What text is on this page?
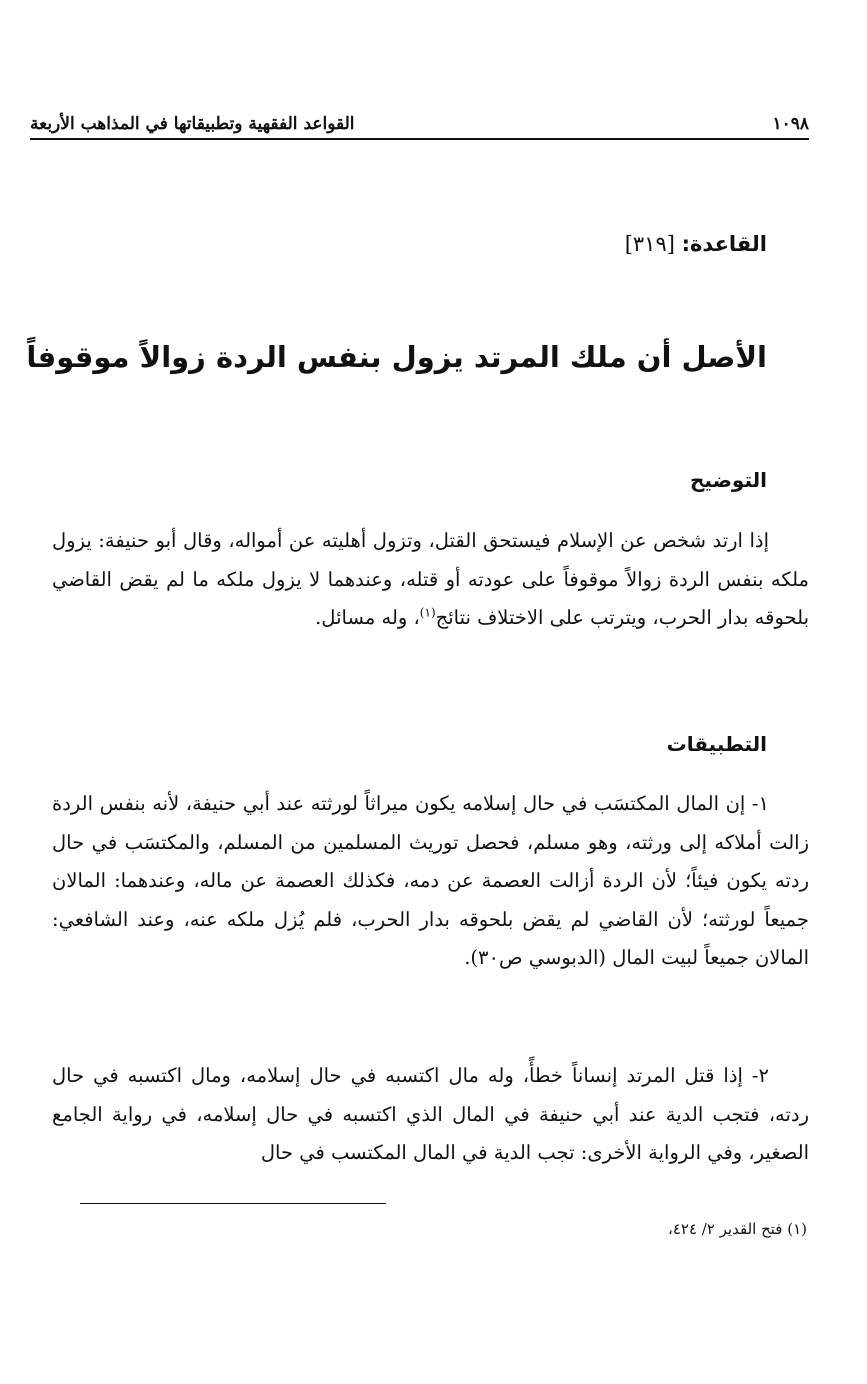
١٠٩٨
القواعد الفقهية وتطبيقاتها في المذاهب الأربعة
القاعدة: [٣١٩]
الأصل أن ملك المرتد يزول بنفس الردة زوالاً موقوفاً
التوضيح
إذا ارتد شخص عن الإسلام فيستحق القتل، وتزول أهليته عن أمواله، وقال أبو حنيفة: يزول ملكه بنفس الردة زوالاً موقوفاً على عودته أو قتله، وعندهما لا يزول ملكه ما لم يقض القاضي بلحوقه بدار الحرب، ويترتب على الاختلاف نتائج$^{(١)}$، وله مسائل.
التطبيقات
١- إن المال المكتسَب في حال إسلامه يكون ميراثاً لورثته عند أبي حنيفة، لأنه بنفس الردة زالت أملاكه إلى ورثته، وهو مسلم، فحصل توريث المسلمين من المسلم، والمكتسَب في حال ردته يكون فيئاً؛ لأن الردة أزالت العصمة عن دمه، فكذلك العصمة عن ماله، وعندهما: المالان جميعاً لورثته؛ لأن القاضي لم يقض بلحوقه بدار الحرب، فلم يُزل ملكه عنه، وعند الشافعي: المالان جميعاً لبيت المال (الدبوسي ص٣٠).
٢- إذا قتل المرتد إنساناً خطأً، وله مال اكتسبه في حال إسلامه، ومال اكتسبه في حال ردته، فتجب الدية عند أبي حنيفة في المال الذي اكتسبه في حال إسلامه، في رواية الجامع الصغير، وفي الرواية الأخرى: تجب الدية في المال المكتسب في حال
(١) فتح القدير ٢/ ٤٢٤،
